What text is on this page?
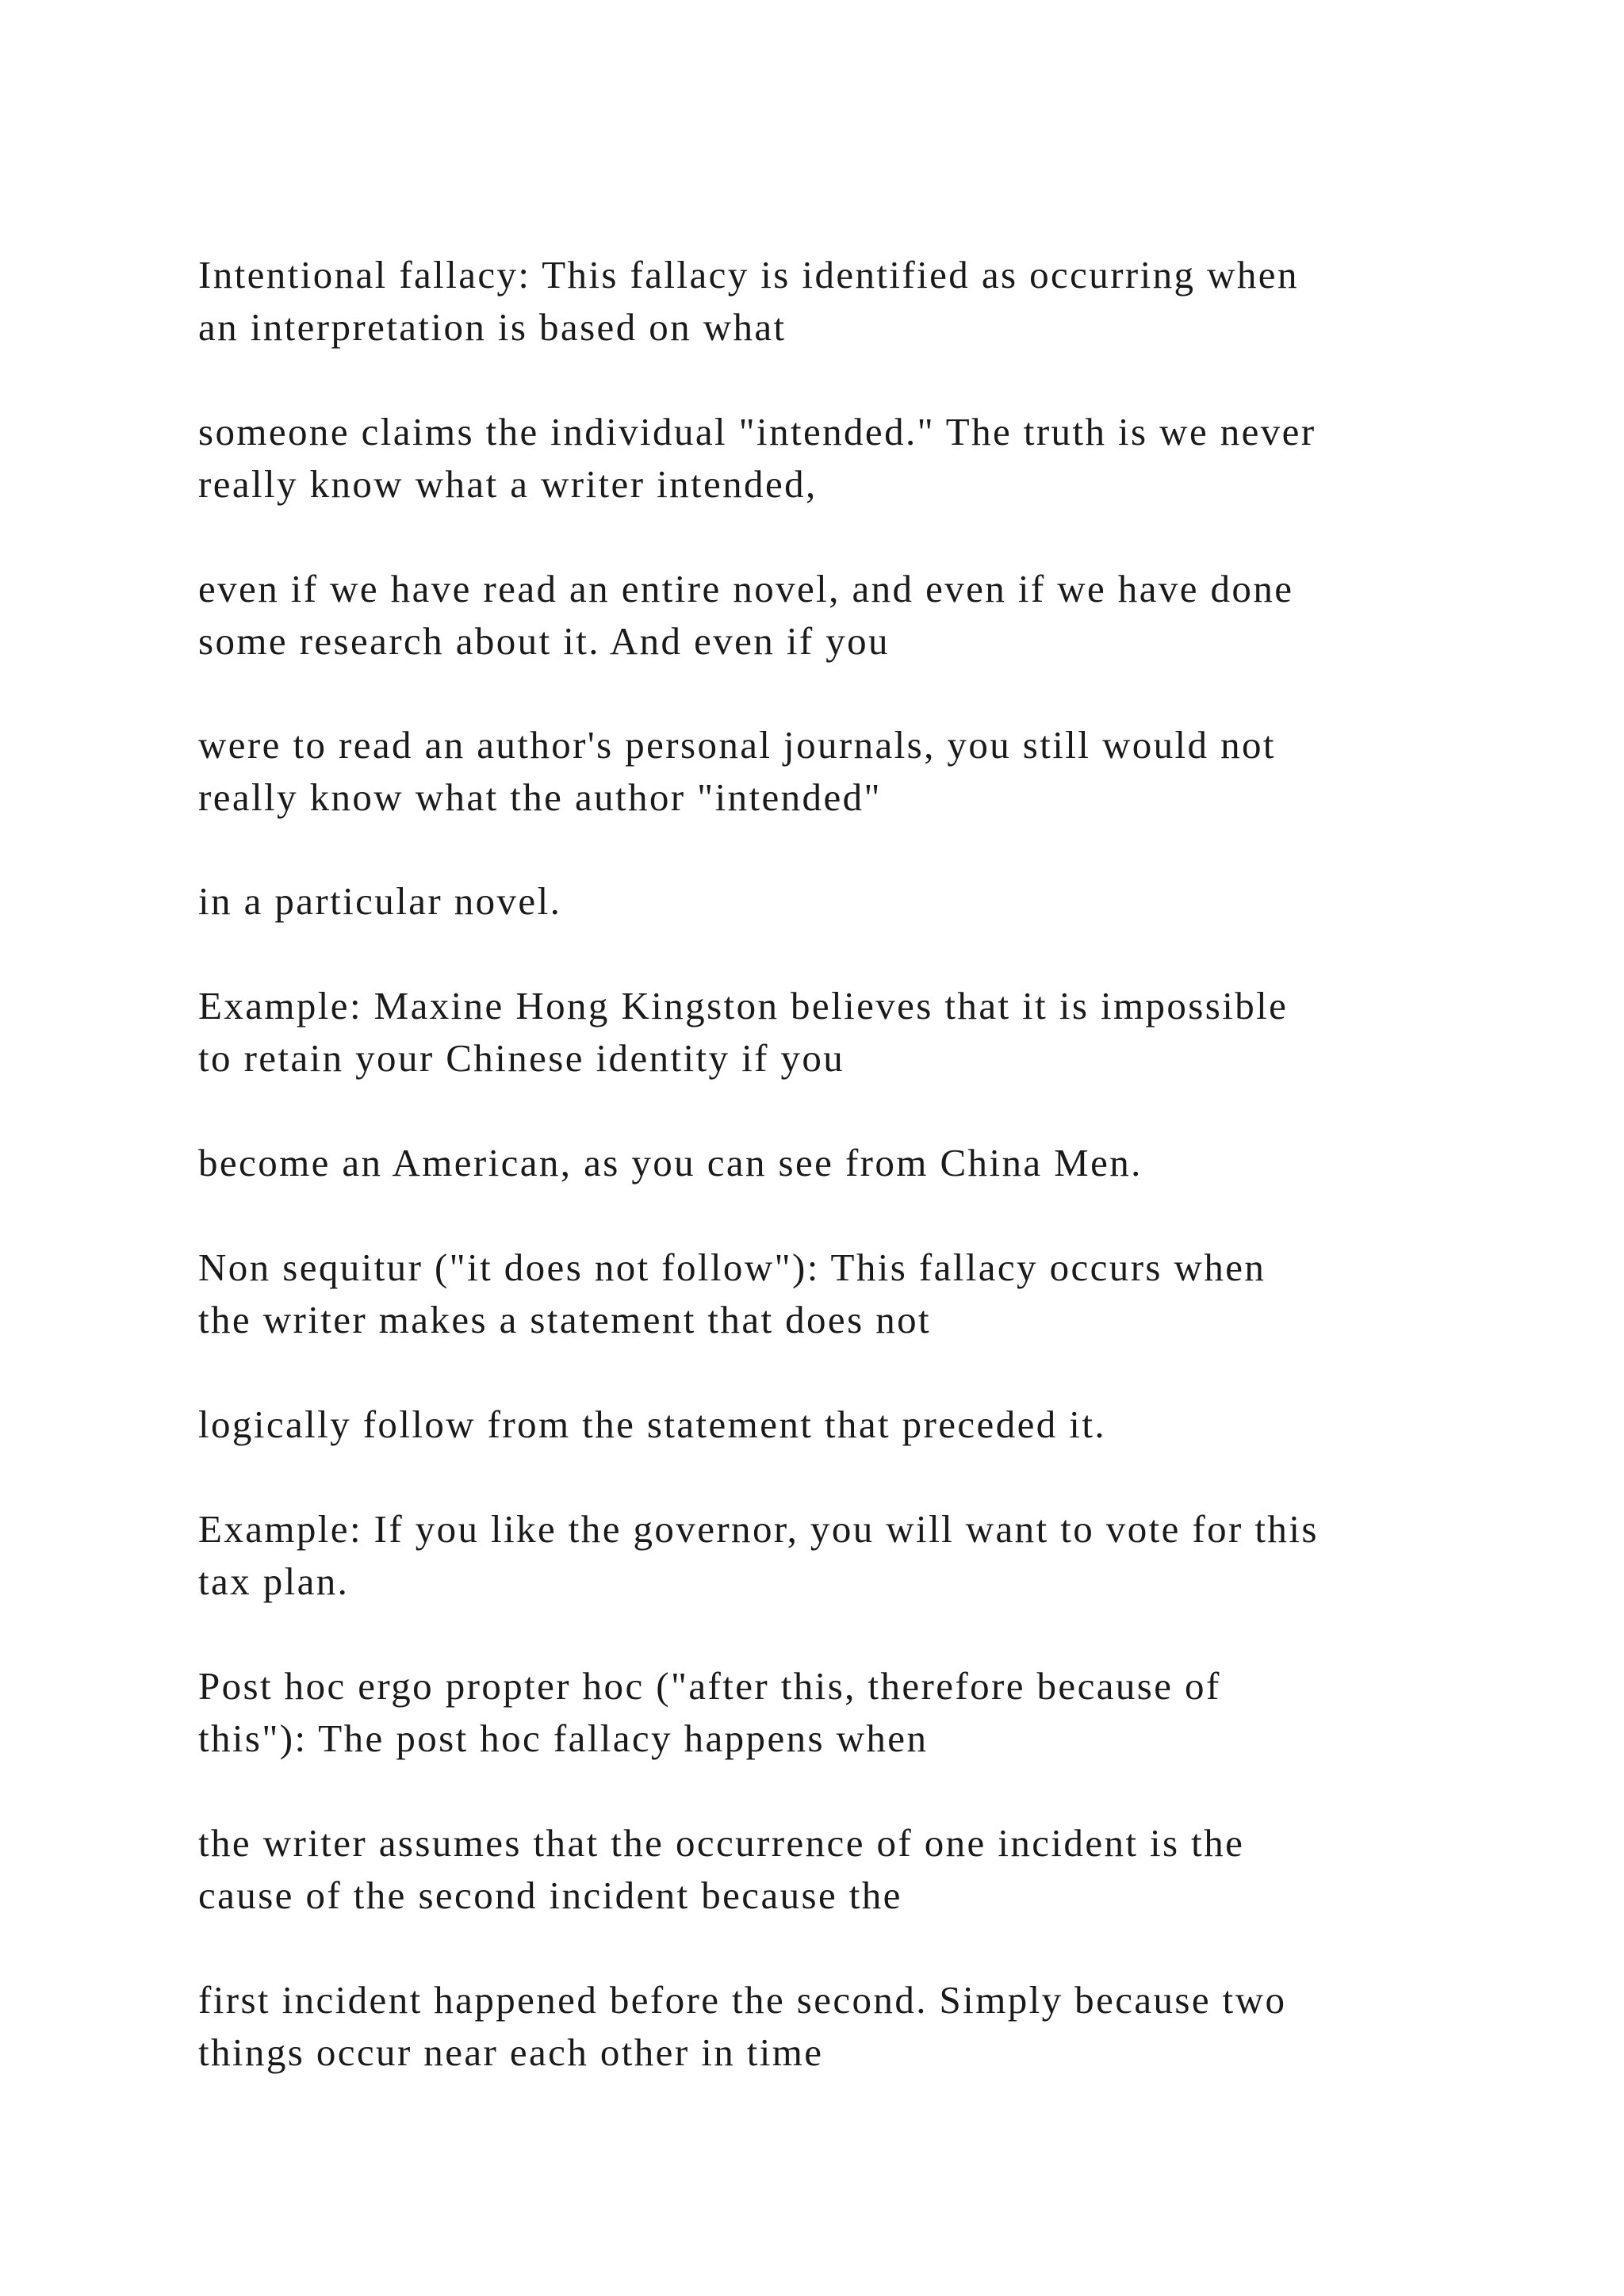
Intentional fallacy: This fallacy is identified as occurring when
an interpretation is based on what

someone claims the individual "intended." The truth is we never
really know what a writer intended,

even if we have read an entire novel, and even if we have done
some research about it. And even if you

were to read an author's personal journals, you still would not
really know what the author "intended"

in a particular novel.

Example: Maxine Hong Kingston believes that it is impossible
to retain your Chinese identity if you

become an American, as you can see from China Men.

Non sequitur ("it does not follow"): This fallacy occurs when
the writer makes a statement that does not

logically follow from the statement that preceded it.

Example: If you like the governor, you will want to vote for this
tax plan.

Post hoc ergo propter hoc ("after this, therefore because of
this"): The post hoc fallacy happens when

the writer assumes that the occurrence of one incident is the
cause of the second incident because the

first incident happened before the second. Simply because two
things occur near each other in time
